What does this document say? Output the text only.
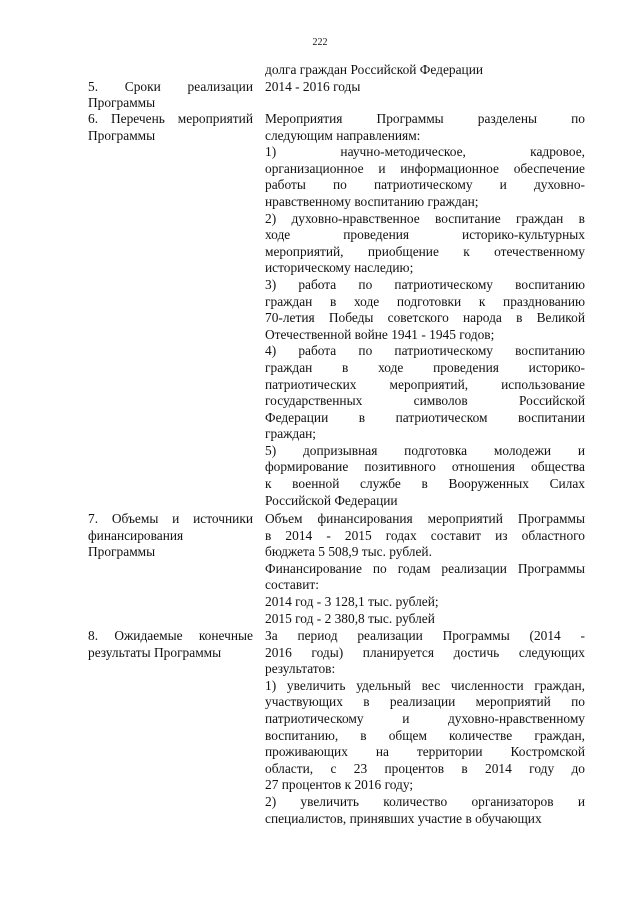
222
долга граждан Российской Федерации
5. Сроки реализации
Программы
2014 - 2016 годы
6. Перечень мероприятий
Программы
Мероприятия Программы разделены по
следующим направлениям:
1) научно-методическое, кадровое,
организационное и информационное обеспечение
работы по патриотическому и духовно-
нравственному воспитанию граждан;
2) духовно-нравственное воспитание граждан в
ходе проведения историко-культурных
мероприятий, приобщение к отечественному
историческому наследию;
3) работа по патриотическому воспитанию
граждан в ходе подготовки к празднованию
70-летия Победы советского народа в Великой
Отечественной войне 1941 - 1945 годов;
4) работа по патриотическому воспитанию
граждан в ходе проведения историко-
патриотических мероприятий, использование
государственных символов Российской
Федерации в патриотическом воспитании
граждан;
5) допризывная подготовка молодежи и
формирование позитивного отношения общества
к военной службе в Вооруженных Силах
Российской Федерации
7. Объемы и источники
финансирования
Программы
Объем финансирования мероприятий Программы
в 2014 - 2015 годах составит из областного
бюджета 5 508,9 тыс. рублей.
Финансирование по годам реализации Программы
составит:
2014 год - 3 128,1 тыс. рублей;
2015 год - 2 380,8 тыс. рублей
8. Ожидаемые конечные
результаты Программы
За период реализации Программы (2014 -
2016 годы) планируется достичь следующих
результатов:
1) увеличить удельный вес численности граждан,
участвующих в реализации мероприятий по
патриотическому и духовно-нравственному
воспитанию, в общем количестве граждан,
проживающих на территории Костромской
области, с 23 процентов в 2014 году до
27 процентов к 2016 году;
2) увеличить количество организаторов и
специалистов, принявших участие в обучающих
